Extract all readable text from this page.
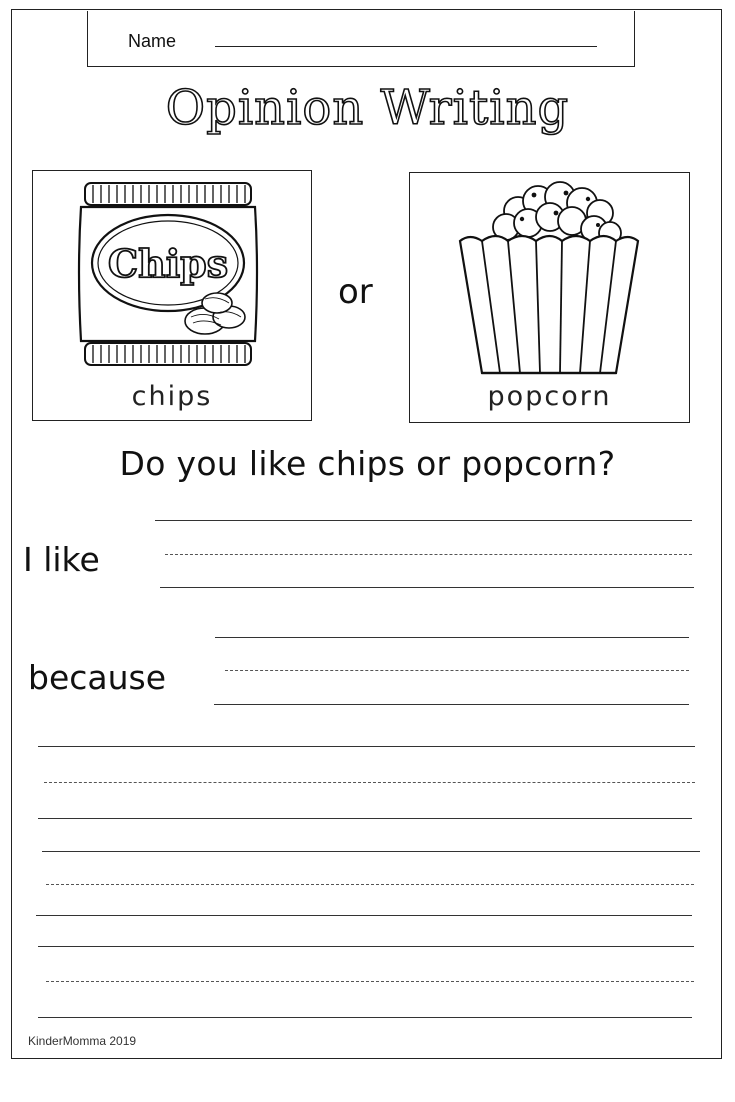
Name
Opinion Writing
Chips
chips
or
popcorn
Do you like chips or popcorn?
I like
because
KinderMomma 2019
